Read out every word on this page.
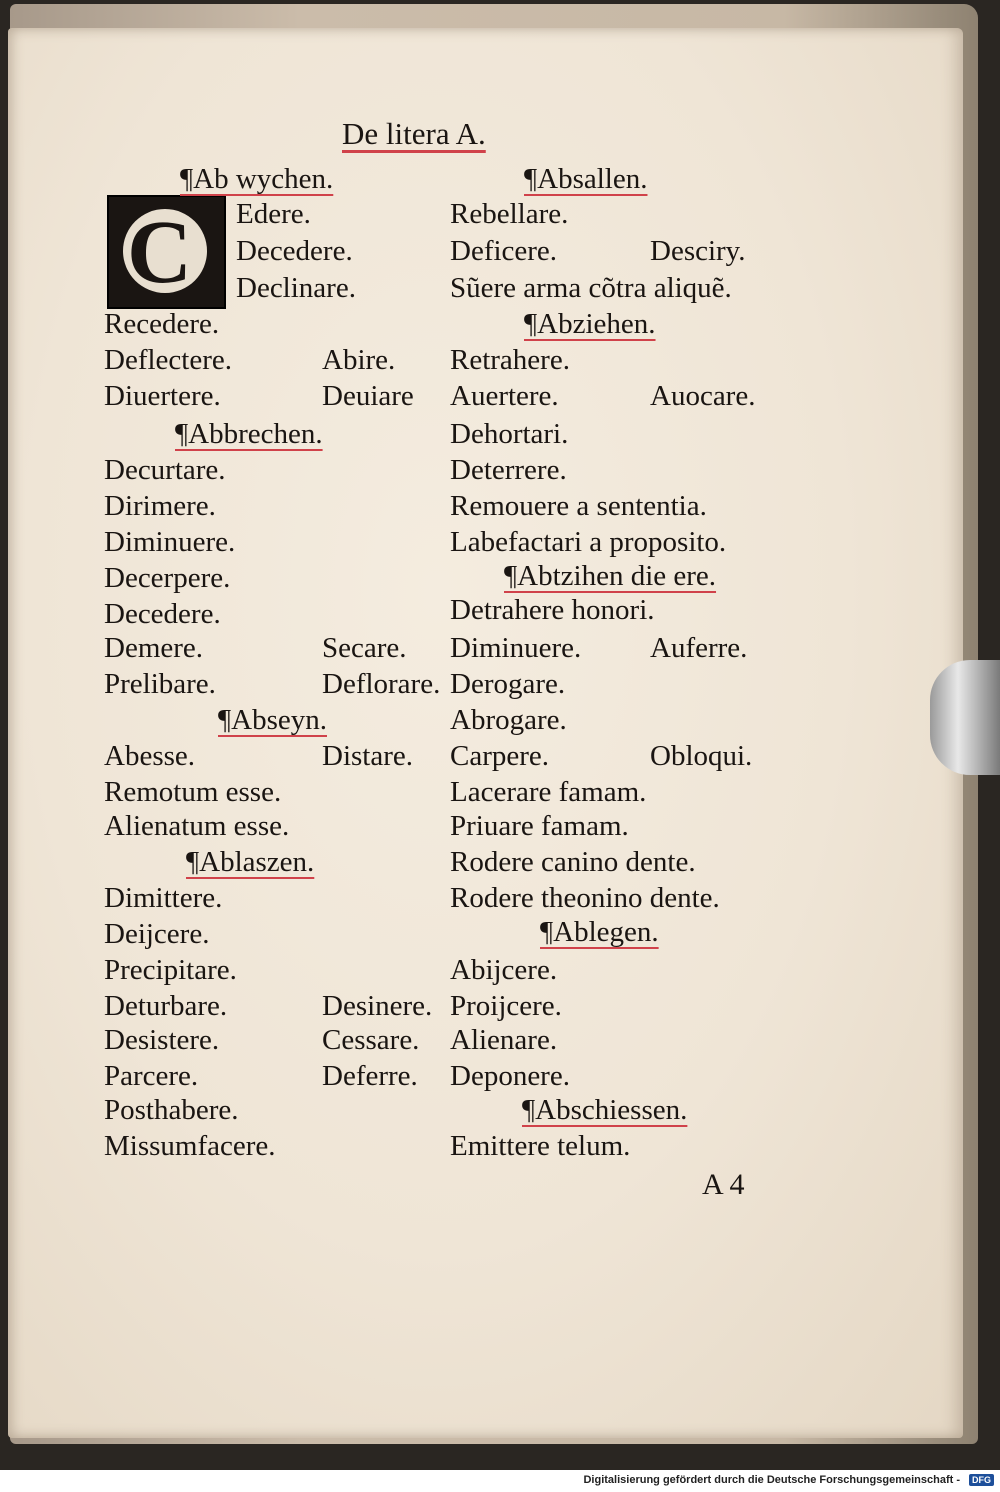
De litera A.
C
¶Ab wychen.
Edere.
Decedere.
Declinare.
Recedere.
Deflectere.	Abire.
Diuertere.	Deuiare
¶Abbrechen.
Decurtare.
Dirimere.
Diminuere.
Decerpere.
Decedere.
Demere.	Secare.
Prelibare.	Deflorare.
¶Abseyn.
Abesse.	Distare.
Remotum esse.
Alienatum esse.
¶Ablaszen.
Dimittere.
Deijcere.
Precipitare.
Deturbare.	Desinere.
Desistere.	Cessare.
Parcere.	Deferre.
Posthabere.
Missumfacere.
¶Absallen.
Rebellare.
Deficere.	Desciry.
Sũere arma cõtra aliquẽ.
¶Abziehen.
Retrahere.
Auertere.	Auocare.
Dehortari.
Deterrere.
Remouere a sententia.
Labefactari a proposito.
¶Abtzihen die ere.
Detrahere honori.
Diminuere. Auferre.
Derogare.
Abrogare.
Carpere.	Obloqui.
Lacerare famam.
Priuare famam.
Rodere canino dente.
Rodere theonino dente.
¶Ablegen.
Abijcere.
Proijcere.
Alienare.
Deponere.
¶Abschiessen.
Emittere telum.
A 4
Digitalisierung gefördert durch die Deutsche Forschungsgemeinschaft -	DFG
